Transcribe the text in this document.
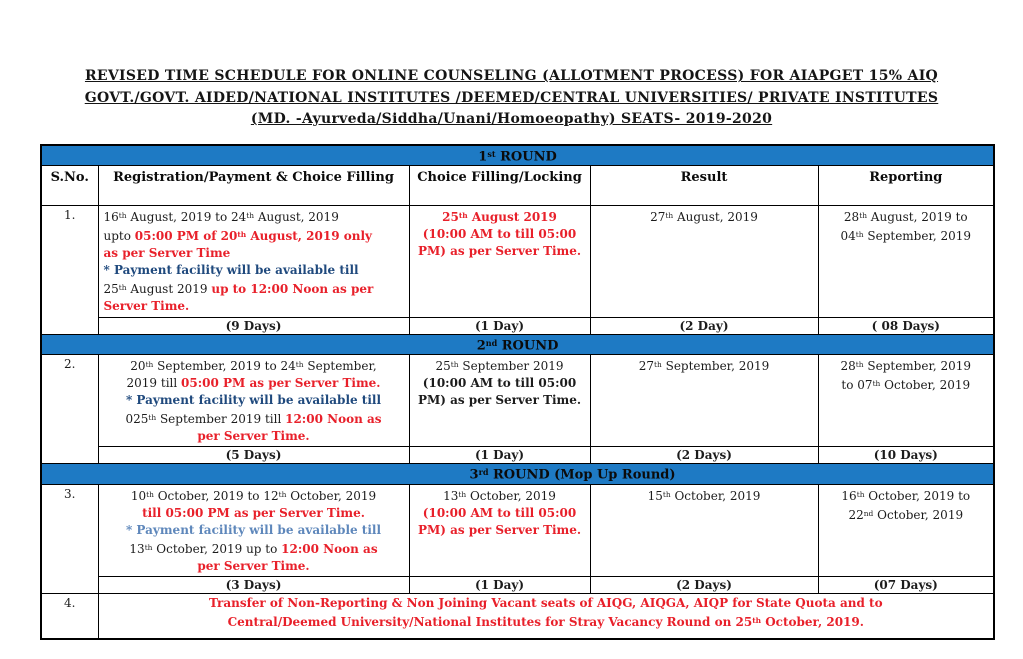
REVISED TIME SCHEDULE FOR ONLINE COUNSELING (ALLOTMENT PROCESS) FOR AIAPGET 15% AIQ
GOVT./GOVT. AIDED/NATIONAL INSTITUTES /DEEMED/CENTRAL UNIVERSITIES/ PRIVATE INSTITUTES
(MD. -Ayurveda/Siddha/Unani/Homoeopathy) SEATS- 2019-2020
1st ROUND				
S.No.	Registration/Payment & Choice Filling	Choice Filling/Locking	Result	Reporting
1.	16th August, 2019 to 24th August, 2019
upto 05:00 PM of 20th August, 2019 only
as per Server Time
* Payment facility will be available till
25th August 2019 up to 12:00 Noon as per
Server Time.	25th August 2019
(10:00 AM to till 05:00 PM) as per Server Time.	27th August, 2019	28th August, 2019 to
04th September, 2019
	(9 Days)	(1 Day)	(2 Day)	( 08 Days)
2nd ROUND				
2.	20th September, 2019 to 24th September,
2019 till 05:00 PM as per Server Time.
* Payment facility will be available till
025th September 2019 till 12:00 Noon as
per Server Time.	25th September 2019
(10:00 AM to till 05:00 PM) as per Server Time.	27th September, 2019	28th September, 2019
to 07th October, 2019
	(5 Days)	(1 Day)	(2 Days)	(10 Days)
3rd ROUND (Mop Up Round)				
3.	10th October, 2019 to 12th October, 2019
till 05:00 PM as per Server Time.
* Payment facility will be available till
13th October, 2019 up to 12:00 Noon as
per Server Time.	13th October, 2019
(10:00 AM to till 05:00 PM) as per Server Time.	15th October, 2019	16th October, 2019 to
22nd October, 2019
	(3 Days)	(1 Day)	(2 Days)	(07 Days)
4.	Transfer of Non-Reporting & Non Joining Vacant seats of AIQG, AIQGA, AIQP for State Quota and to
Central/Deemed University/National Institutes for Stray Vacancy Round on 25th October, 2019.			
